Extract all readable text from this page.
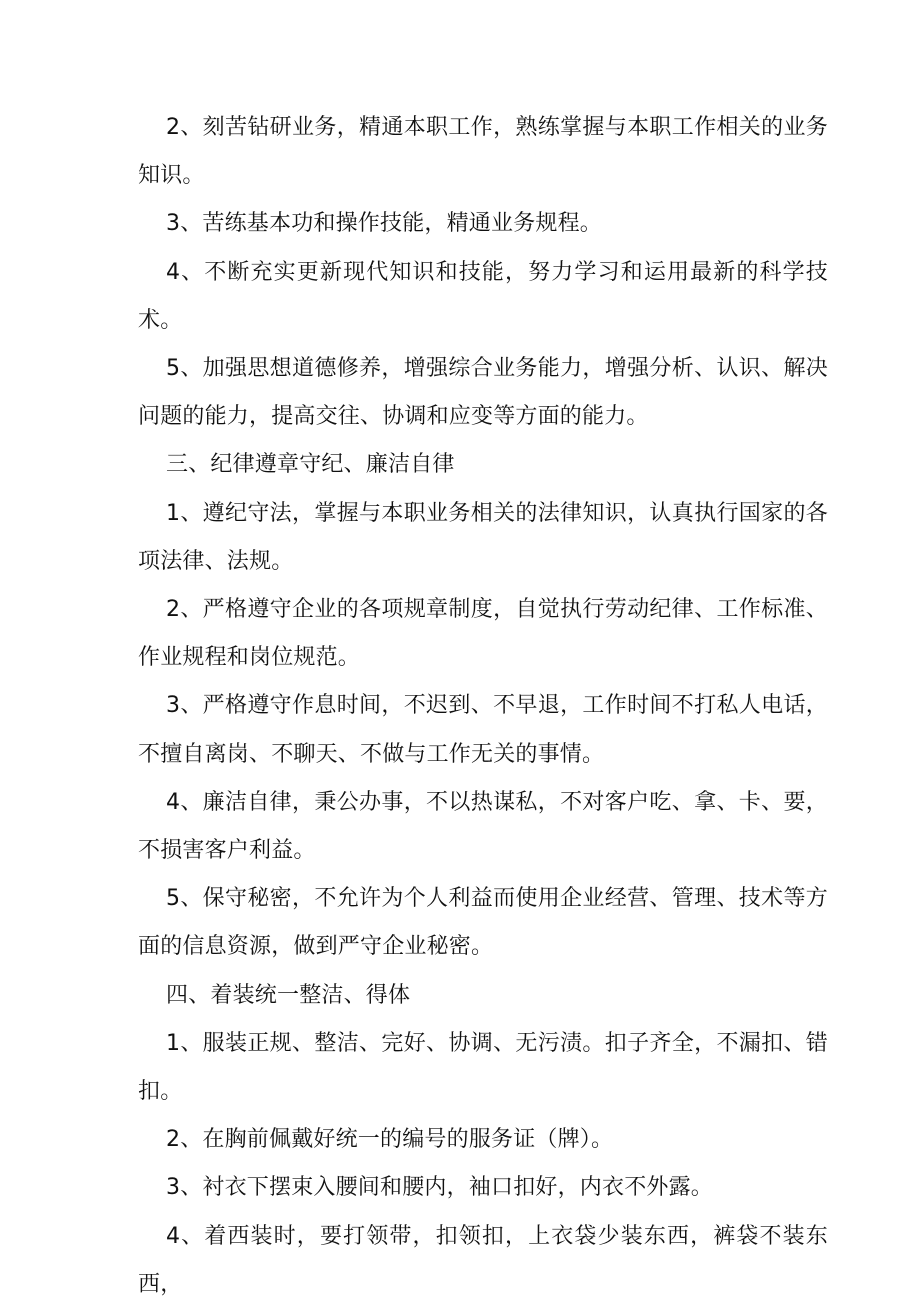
2、刻苦钻研业务，精通本职工作，熟练掌握与本职工作相关的业务知识。

3、苦练基本功和操作技能，精通业务规程。

4、不断充实更新现代知识和技能，努力学习和运用最新的科学技术。

5、加强思想道德修养，增强综合业务能力，增强分析、认识、解决问题的能力，提高交往、协调和应变等方面的能力。

三、纪律遵章守纪、廉洁自律

1、遵纪守法，掌握与本职业务相关的法律知识，认真执行国家的各项法律、法规。

2、严格遵守企业的各项规章制度，自觉执行劳动纪律、工作标准、作业规程和岗位规范。

3、严格遵守作息时间，不迟到、不早退，工作时间不打私人电话，不擅自离岗、不聊天、不做与工作无关的事情。

4、廉洁自律，秉公办事，不以热谋私，不对客户吃、拿、卡、要，不损害客户利益。

5、保守秘密，不允许为个人利益而使用企业经营、管理、技术等方面的信息资源，做到严守企业秘密。

四、着装统一整洁、得体

1、服装正规、整洁、完好、协调、无污渍。扣子齐全，不漏扣、错扣。

2、在胸前佩戴好统一的编号的服务证（牌）。

3、衬衣下摆束入腰间和腰内，袖口扣好，内衣不外露。

4、着西装时，要打领带，扣领扣，上衣袋少装东西，裤袋不装东西，
